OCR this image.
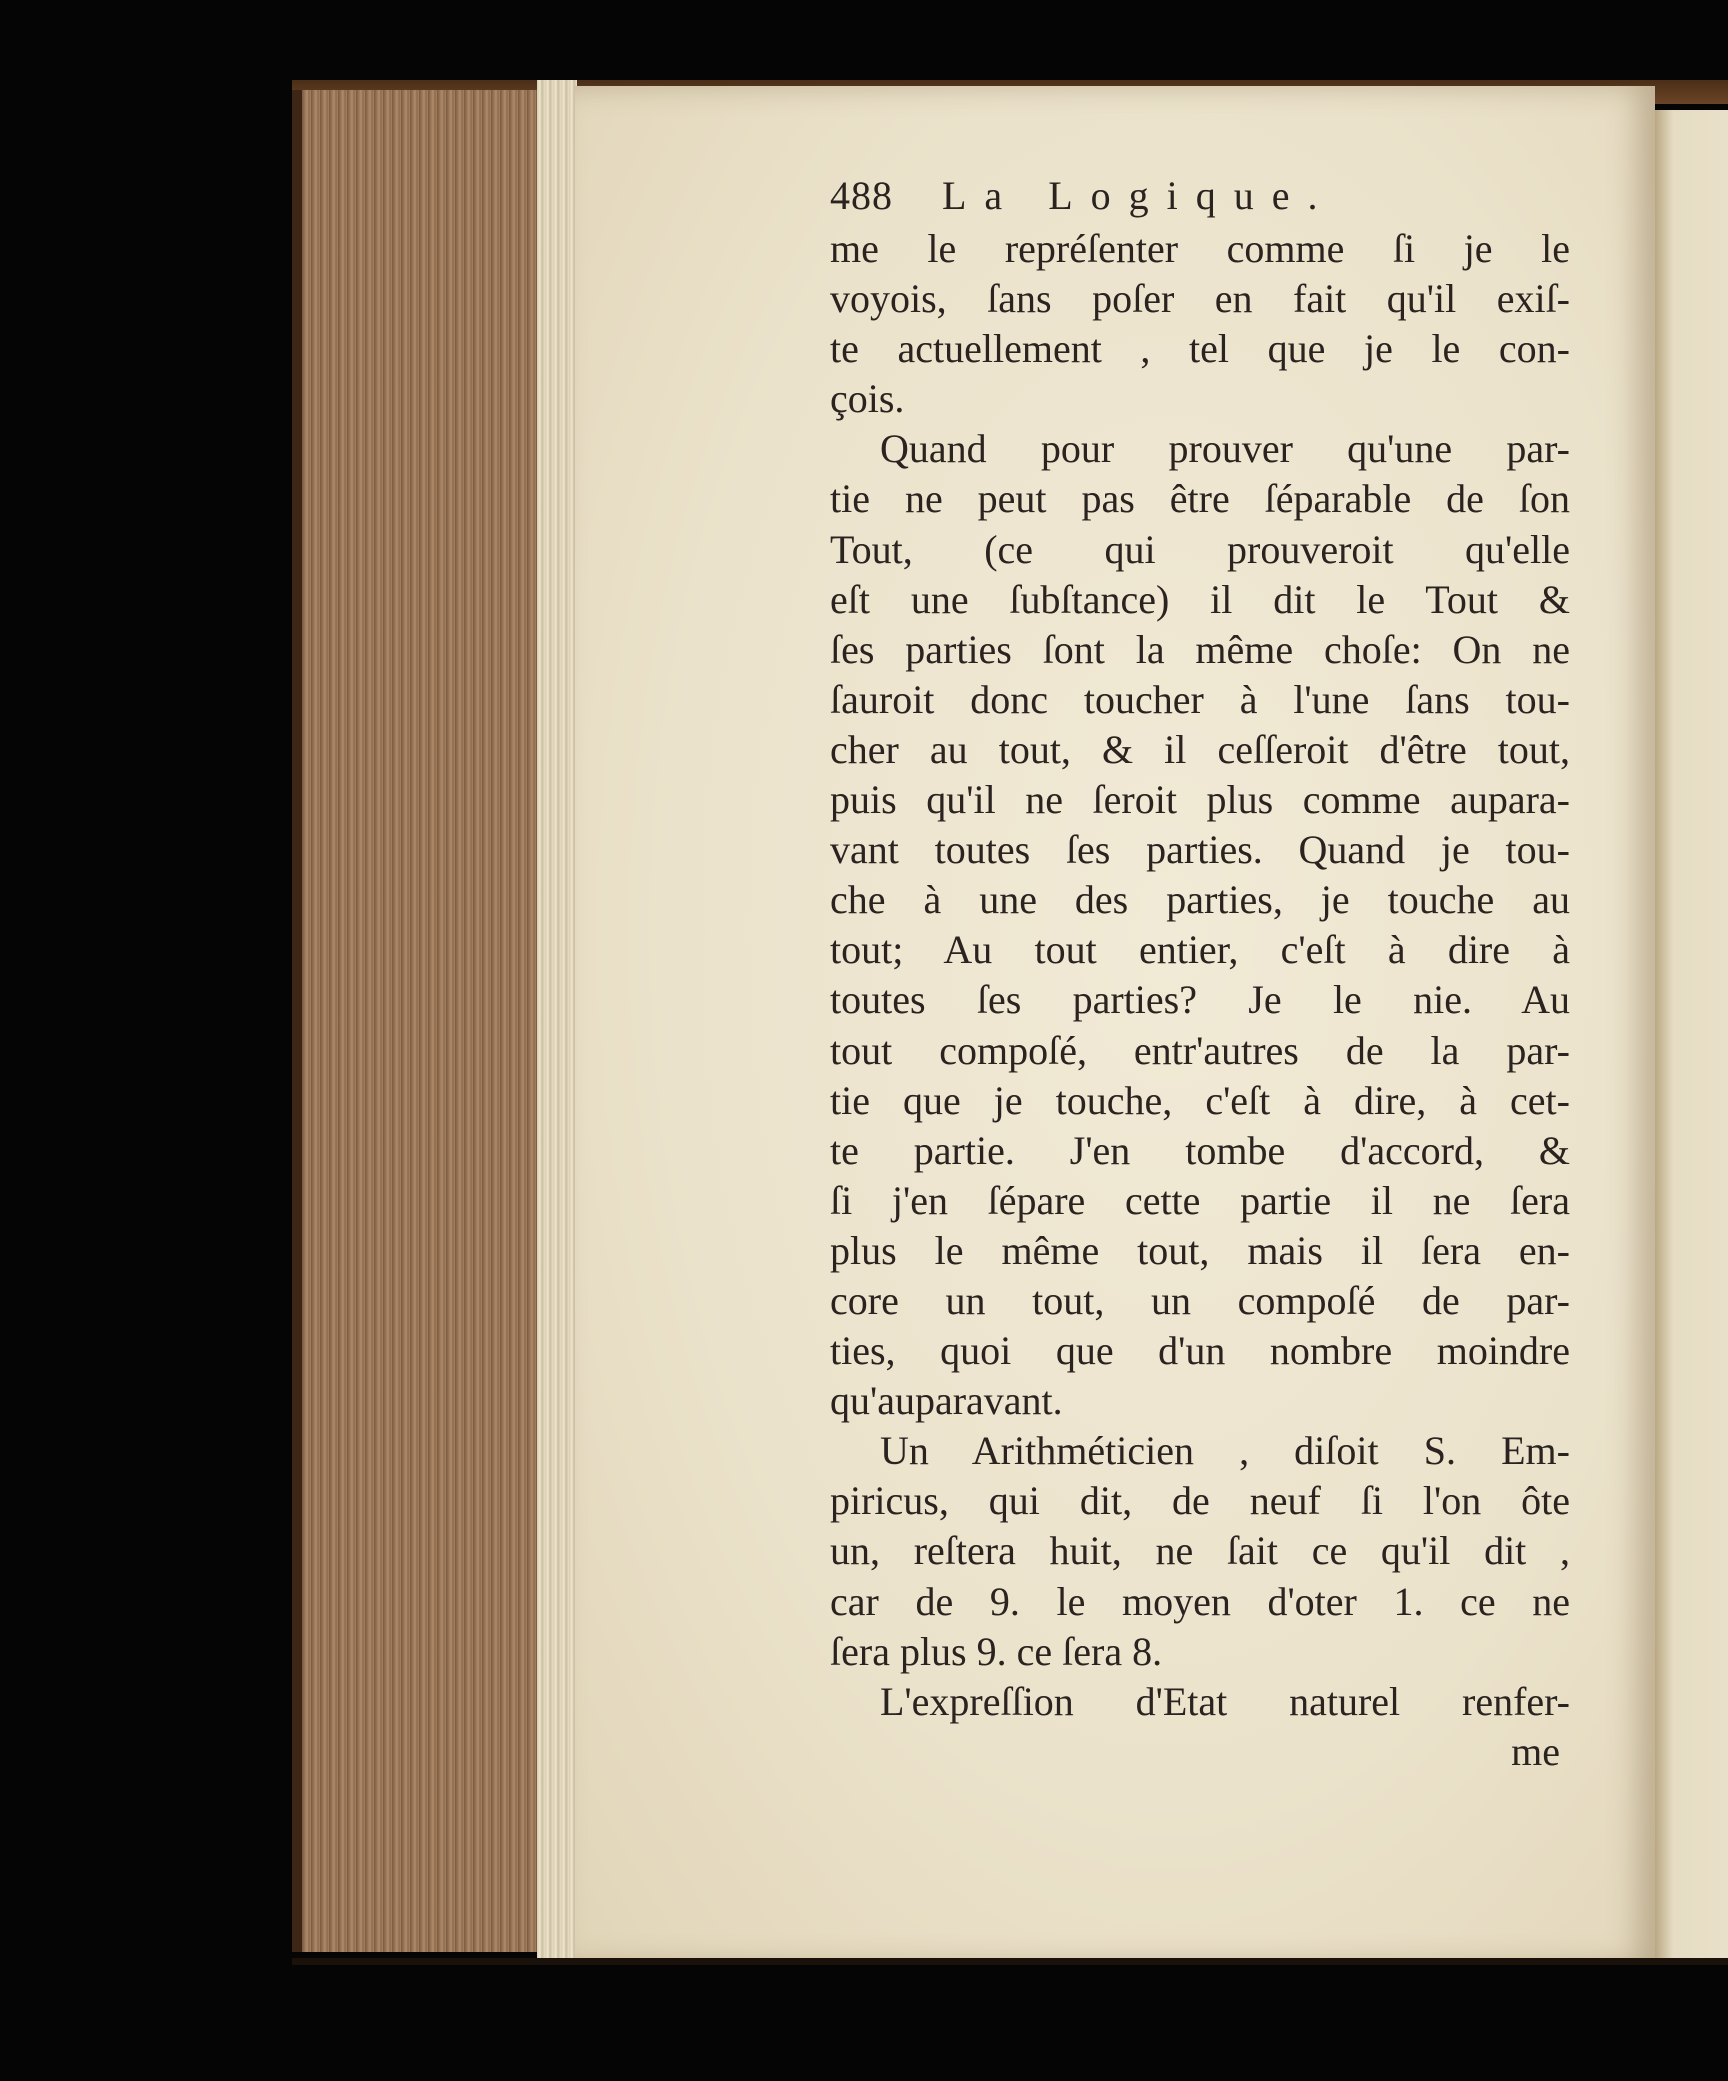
488	La Logique.
me le repréſenter comme ſi je le
voyois, ſans poſer en fait qu'il exiſ-
te actuellement , tel que je le con-
çois.
Quand pour prouver qu'une par-
tie ne peut pas être ſéparable de ſon
Tout, (ce qui prouveroit qu'elle
eſt une ſubſtance) il dit le Tout &
ſes parties ſont la même choſe: On ne
ſauroit donc toucher à l'une ſans tou-
cher au tout, & il ceſſeroit d'être tout,
puis qu'il ne ſeroit plus comme aupara-
vant toutes ſes parties. Quand je tou-
che à une des parties, je touche au
tout; Au tout entier, c'eſt à dire à
toutes ſes parties? Je le nie. Au
tout compoſé, entr'autres de la par-
tie que je touche, c'eſt à dire, à cet-
te partie. J'en tombe d'accord, &
ſi j'en ſépare cette partie il ne ſera
plus le même tout, mais il ſera en-
core un tout, un compoſé de par-
ties, quoi que d'un nombre moindre
qu'auparavant.
Un Arithméticien , diſoit S. Em-
piricus, qui dit, de neuf ſi l'on ôte
un, reſtera huit, ne ſait ce qu'il dit ,
car de 9. le moyen d'oter 1. ce ne
ſera plus 9. ce ſera 8.
L'expreſſion d'Etat naturel renfer-
me
